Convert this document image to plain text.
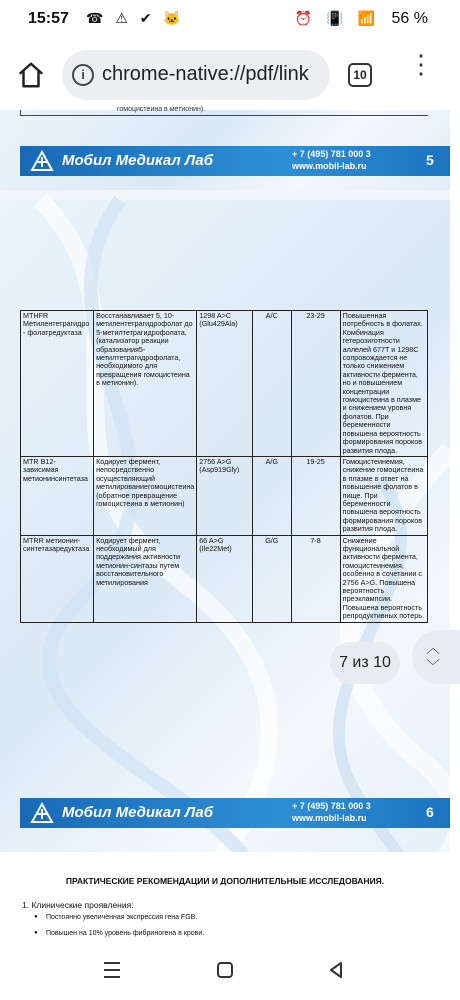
15:57 ☎ ⚠ ✔ 🐱	⏰ 📳 📶 56 %
i chrome-native://pdf/link	10 ⋮
гомоцистеина в метионин).
Мобил Медикал Лаб	+ 7 (495) 781 000 3
www.mobil-lab.ru	5
MTHFR Метилентетрагидро - фолатредуктаза	Восстанавливает 5, 10-метилентетрагидрофолат до 5-метилтетрагидрофолата, (катализатор реакции образования5-метилтетрагидрофолата, необходимого для превращения гомоцистеина в метионин).	1298 A>C (Glu429Ala)	A/C	23-29	Повышенная потребность в фолатах. Комбинация гетерозиготности аллелей 677T и 1298C сопровождается не только снижением активности фермента, но и повышением концентрации гомоцистеина в плазме и снижением уровня фолатов. При беременности повышена вероятность формирования пороков развития плода.
MTR В12-зависимая метионинсинтетаза	Кодирует фермент, непосредственно осуществляющий метилированиегомоцистеина (обратное превращение гомоцистеина в метионин)	2756 A>G (Asp919Gly)	A/G	19-25	Гомоцистеинемия, снижение гомоцистеина в плазме в ответ на повышение фолатов в пище. При беременности повышена вероятность формирования пороков развития плода.
MTRR метионин-синтетазаредуктаза	Кодирует фермент, необходимый для поддержания активности метионин-синтазы путем восстановительного метилирования	66 A>G (Ile22Met)	G/G	7-8	Снижение функциональной активности фермента, гомоцистеинемия, особенно в сочетании с 2756 A>G. Повышена вероятность преэклампсии. Повышена вероятность репродуктивных потерь.
Мобил Медикал Лаб	+ 7 (495) 781 000 3
www.mobil-lab.ru	6
ПРАКТИЧЕСКИЕ РЕКОМЕНДАЦИИ И ДОПОЛНИТЕЛЬНЫЕ ИССЛЕДОВАНИЯ.
1. Клинические проявления:
● Постоянно увеличенная экспрессия гена FGB.
● Повышен на 10% уровень фибриногена в крови.
7 из 10
︿
﹀
